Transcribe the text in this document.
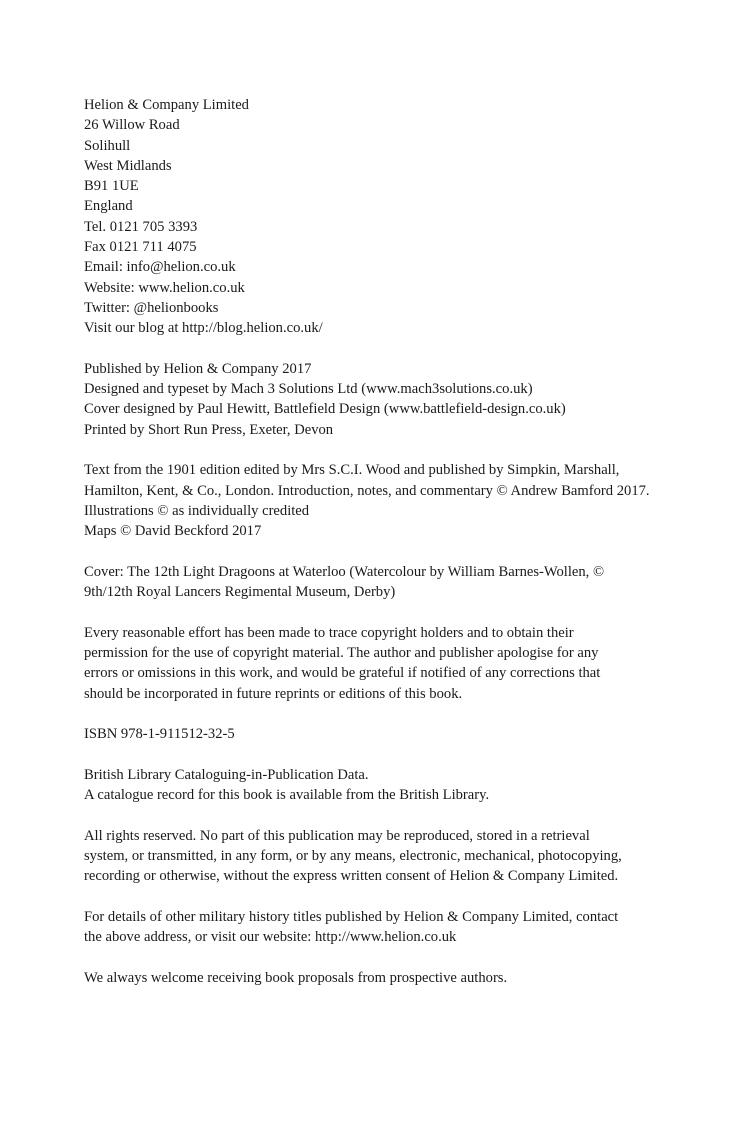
Helion & Company Limited
26 Willow Road
Solihull
West Midlands
B91 1UE
England
Tel. 0121 705 3393
Fax 0121 711 4075
Email: info@helion.co.uk
Website: www.helion.co.uk
Twitter: @helionbooks
Visit our blog at http://blog.helion.co.uk/
Published by Helion & Company 2017
Designed and typeset by Mach 3 Solutions Ltd (www.mach3solutions.co.uk)
Cover designed by Paul Hewitt, Battlefield Design (www.battlefield-design.co.uk)
Printed by Short Run Press, Exeter, Devon
Text from the 1901 edition edited by Mrs S.C.I. Wood and published by Simpkin, Marshall,
Hamilton, Kent, & Co., London. Introduction, notes, and commentary © Andrew Bamford 2017.
Illustrations © as individually credited
Maps © David Beckford 2017
Cover: The 12th Light Dragoons at Waterloo (Watercolour by William Barnes-Wollen, ©
9th/12th Royal Lancers Regimental Museum, Derby)
Every reasonable effort has been made to trace copyright holders and to obtain their
permission for the use of copyright material. The author and publisher apologise for any
errors or omissions in this work, and would be grateful if notified of any corrections that
should be incorporated in future reprints or editions of this book.
ISBN 978-1-911512-32-5
British Library Cataloguing-in-Publication Data.
A catalogue record for this book is available from the British Library.
All rights reserved. No part of this publication may be reproduced, stored in a retrieval
system, or transmitted, in any form, or by any means, electronic, mechanical, photocopying,
recording or otherwise, without the express written consent of Helion & Company Limited.
For details of other military history titles published by Helion & Company Limited, contact
the above address, or visit our website: http://www.helion.co.uk
We always welcome receiving book proposals from prospective authors.
